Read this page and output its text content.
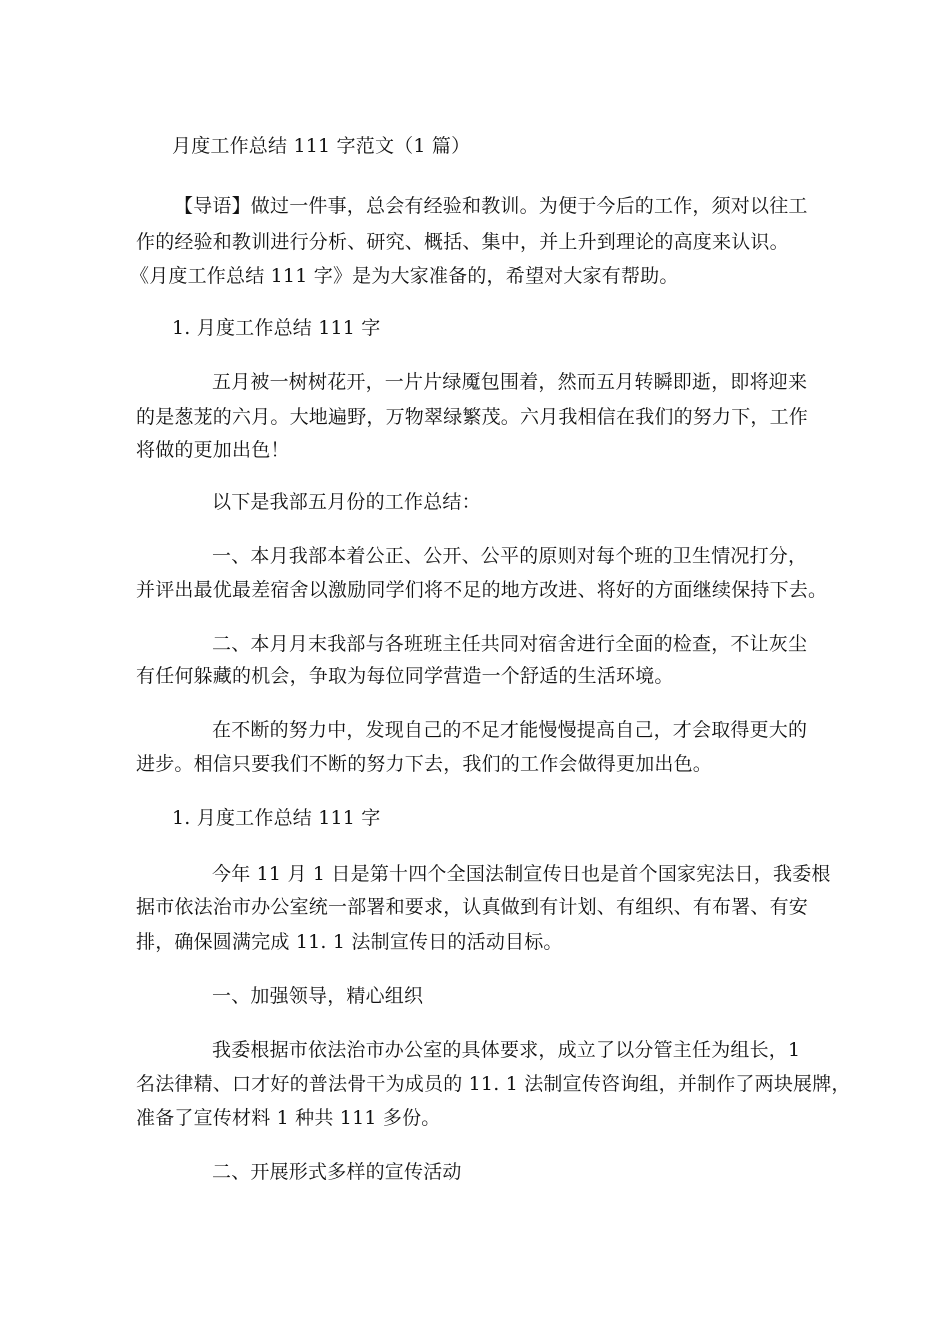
月度工作总结 111 字范文（1 篇）
【导语】做过一件事，总会有经验和教训。为便于今后的工作，须对以往工
作的经验和教训进行分析、研究、概括、集中，并上升到理论的高度来认识。
《月度工作总结 111 字》是为大家准备的，希望对大家有帮助。
1. 月度工作总结 111 字
五月被一树树花开，一片片绿魇包围着，然而五月转瞬即逝，即将迎来
的是葱茏的六月。大地遍野，万物翠绿繁茂。六月我相信在我们的努力下，工作
将做的更加出色！
以下是我部五月份的工作总结：
一、本月我部本着公正、公开、公平的原则对每个班的卫生情况打分，
并评出最优最差宿舍以激励同学们将不足的地方改进、将好的方面继续保持下去。
二、本月月末我部与各班班主任共同对宿舍进行全面的检查，不让灰尘
有任何躲藏的机会，争取为每位同学营造一个舒适的生活环境。
在不断的努力中，发现自己的不足才能慢慢提高自己，才会取得更大的
进步。相信只要我们不断的努力下去，我们的工作会做得更加出色。
1. 月度工作总结 111 字
今年 11 月 1 日是第十四个全国法制宣传日也是首个国家宪法日，我委根
据市依法治市办公室统一部署和要求，认真做到有计划、有组织、有布署、有安
排，确保圆满完成 11. 1 法制宣传日的活动目标。
一、加强领导，精心组织
我委根据市依法治市办公室的具体要求，成立了以分管主任为组长，1
名法律精、口才好的普法骨干为成员的 11. 1 法制宣传咨询组，并制作了两块展牌，
准备了宣传材料 1 种共 111 多份。
二、开展形式多样的宣传活动
